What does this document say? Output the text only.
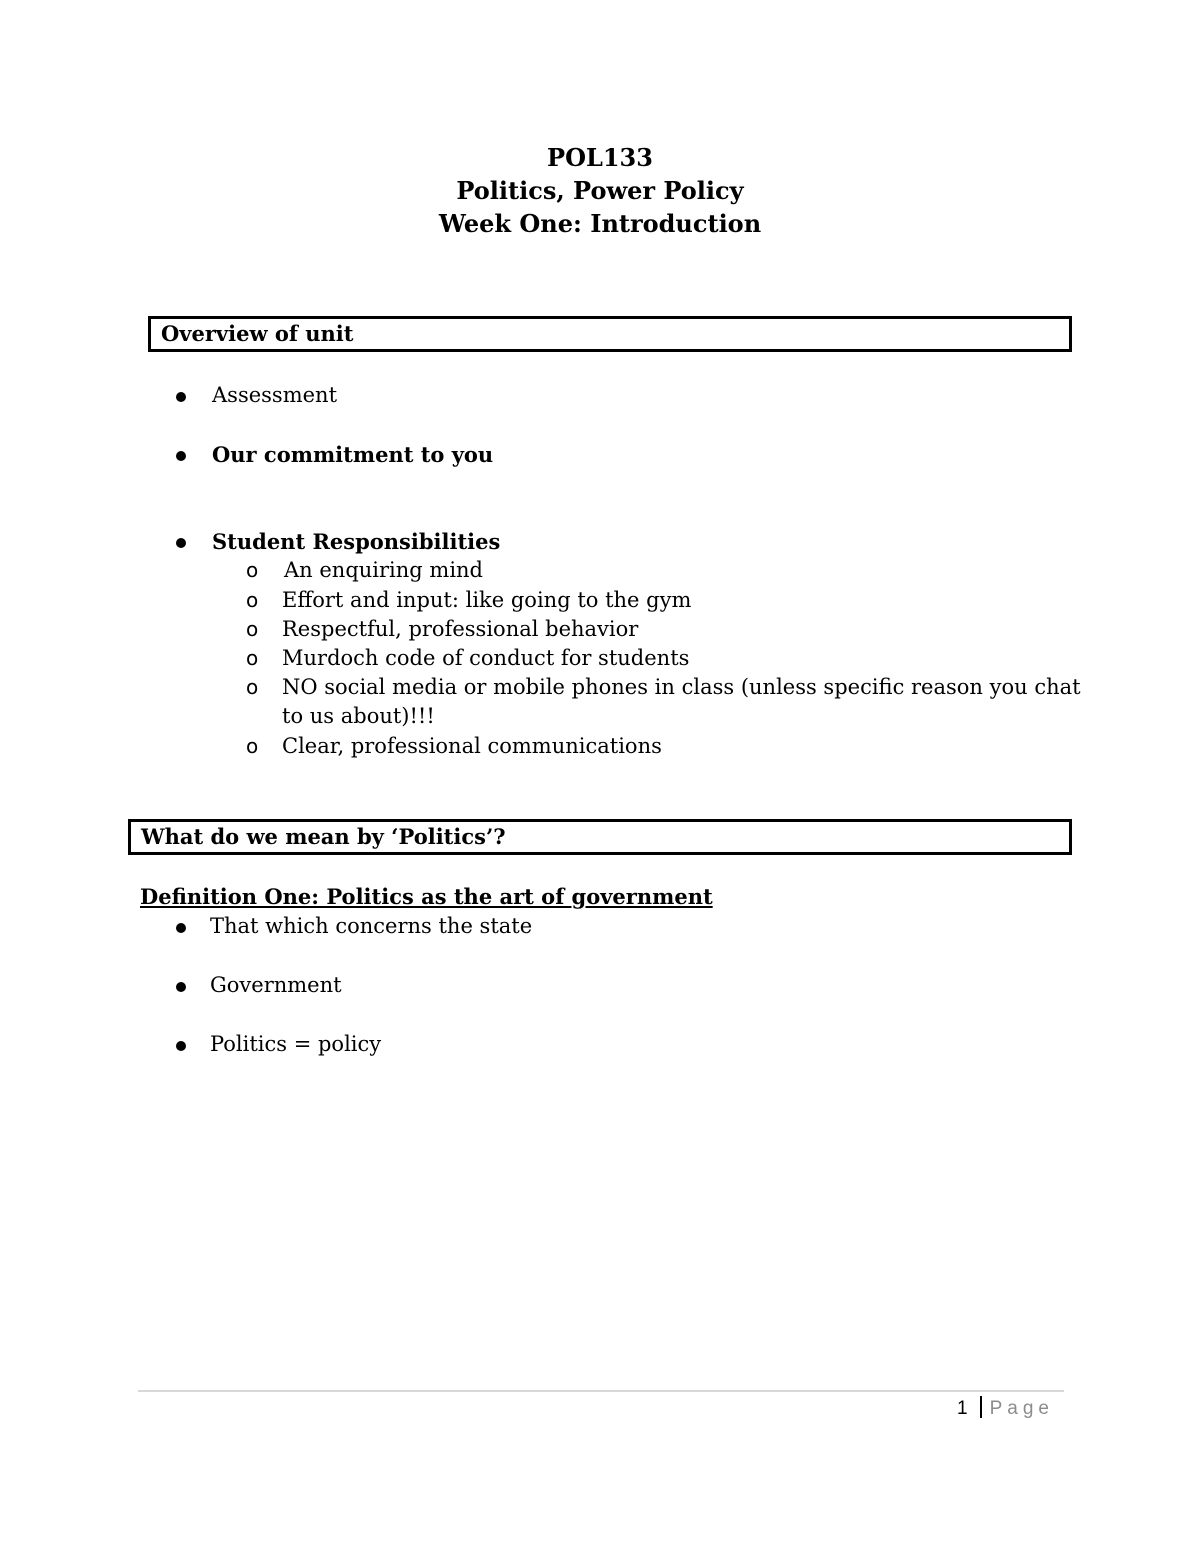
POL133
Politics, Power Policy
Week One: Introduction
Overview of unit
Assessment
Our commitment to you
Student Responsibilities
o An enquiring mind
o Effort and input: like going to the gym
o Respectful, professional behavior
o Murdoch code of conduct for students
o NO social media or mobile phones in class (unless specific reason you chat
to us about)!!!
o Clear, professional communications
What do we mean by ‘Politics’?
Definition One: Politics as the art of government
That which concerns the state
Government
Politics = policy
1 Page
